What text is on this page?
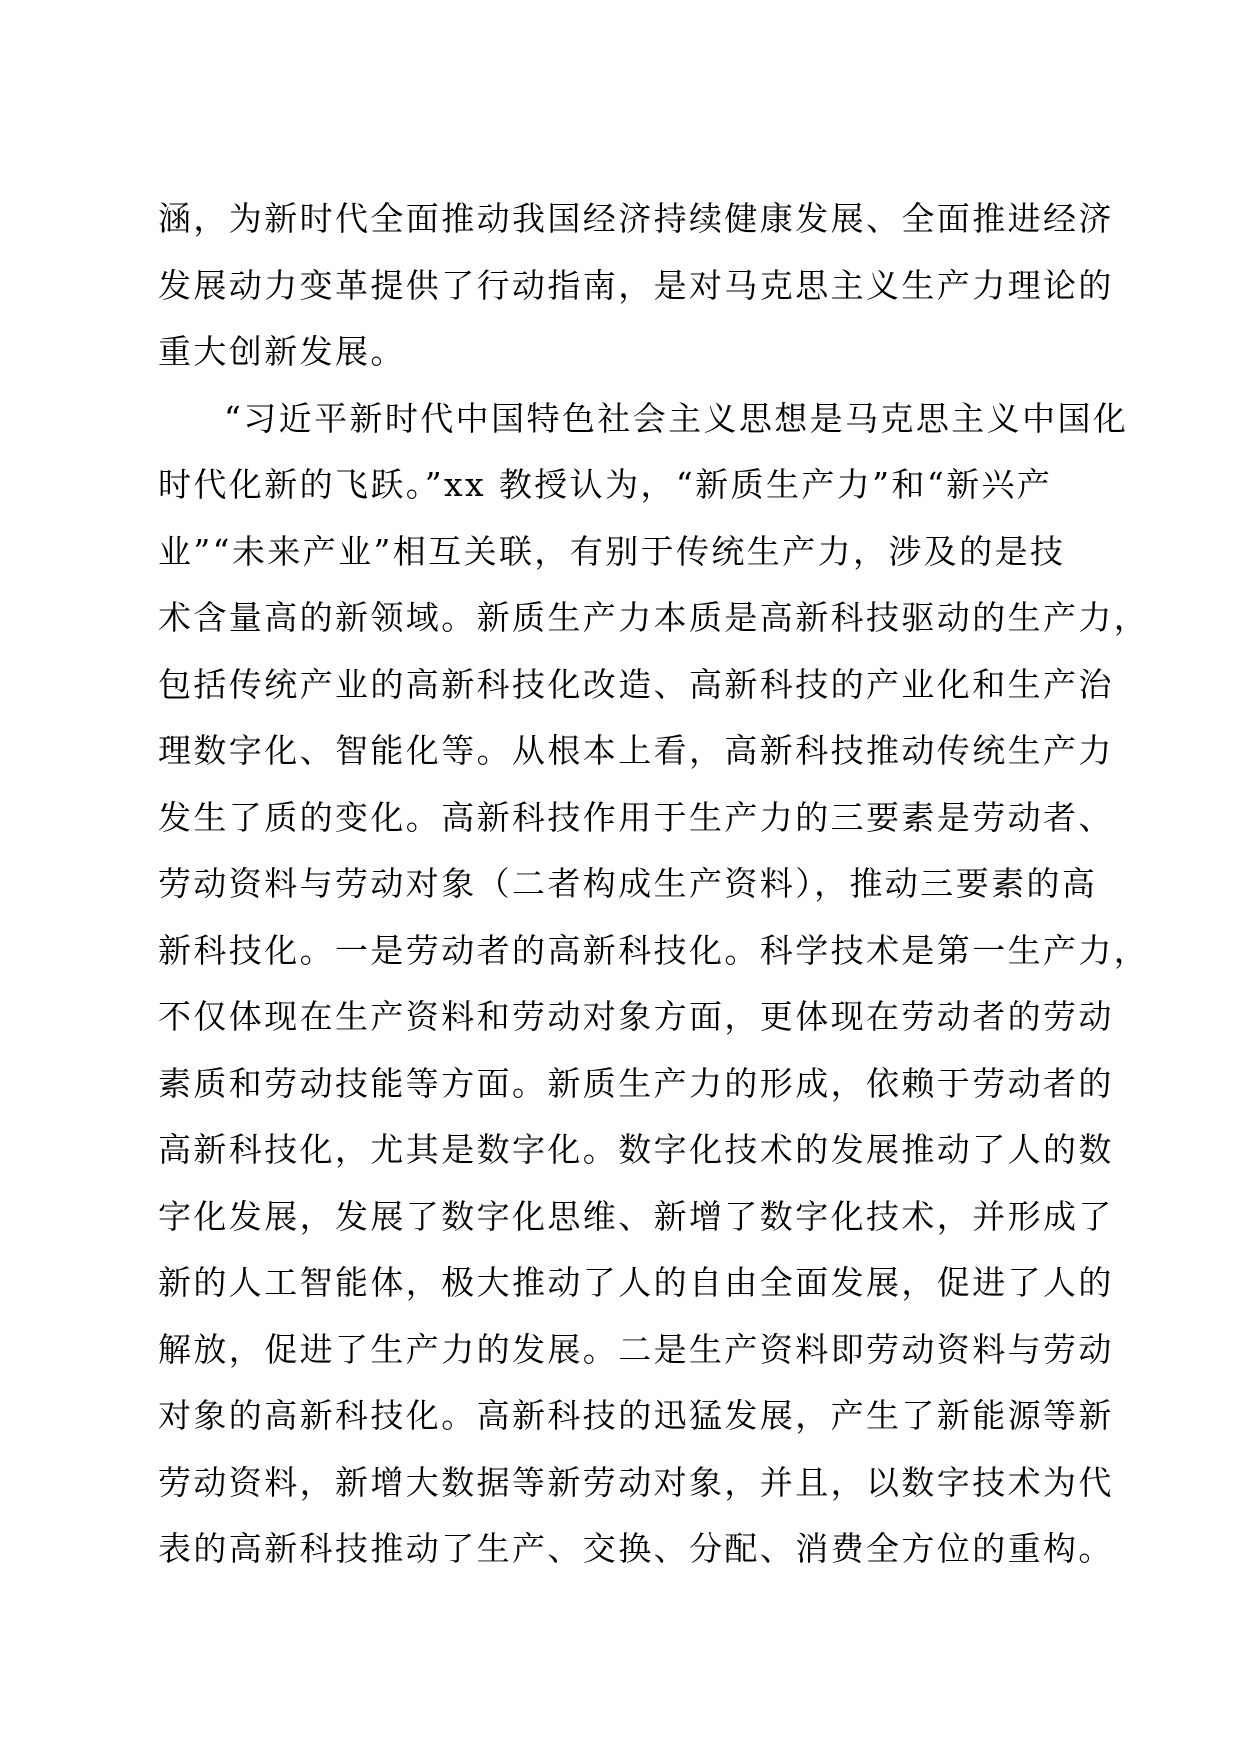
涵，为新时代全面推动我国经济持续健康发展、全面推进经济
发展动力变革提供了行动指南，是对马克思主义生产力理论的
重大创新发展。
“习近平新时代中国特色社会主义思想是马克思主义中国化
时代化新的飞跃。”xx 教授认为，“新质生产力”和“新兴产
业”“未来产业”相互关联，有别于传统生产力，涉及的是技
术含量高的新领域。新质生产力本质是高新科技驱动的生产力，
包括传统产业的高新科技化改造、高新科技的产业化和生产治
理数字化、智能化等。从根本上看，高新科技推动传统生产力
发生了质的变化。高新科技作用于生产力的三要素是劳动者、
劳动资料与劳动对象（二者构成生产资料），推动三要素的高
新科技化。一是劳动者的高新科技化。科学技术是第一生产力，
不仅体现在生产资料和劳动对象方面，更体现在劳动者的劳动
素质和劳动技能等方面。新质生产力的形成，依赖于劳动者的
高新科技化，尤其是数字化。数字化技术的发展推动了人的数
字化发展，发展了数字化思维、新增了数字化技术，并形成了
新的人工智能体，极大推动了人的自由全面发展，促进了人的
解放，促进了生产力的发展。二是生产资料即劳动资料与劳动
对象的高新科技化。高新科技的迅猛发展，产生了新能源等新
劳动资料，新增大数据等新劳动对象，并且，以数字技术为代
表的高新科技推动了生产、交换、分配、消费全方位的重构。
